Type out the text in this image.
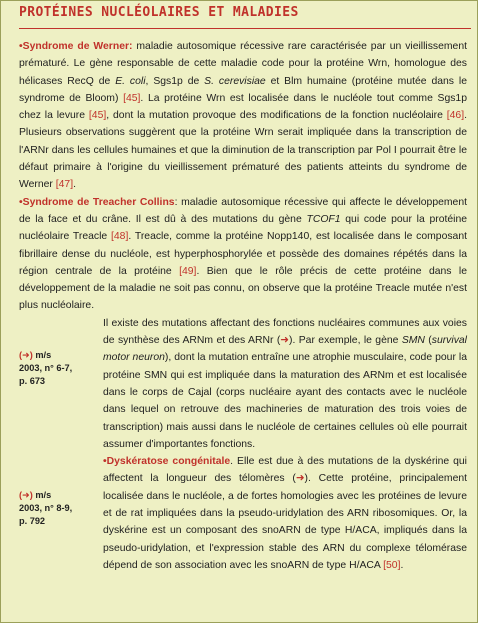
PROTÉINES NUCLÉOLAIRES ET MALADIES

•Syndrome de Werner: maladie autosomique récessive rare caractérisée par un vieillissement prématuré. Le gène responsable de cette maladie code pour la protéine Wrn, homologue des hélicases RecQ de E. coli, Sgs1p de S. cerevisiae et Blm humaine (protéine mutée dans le syndrome de Bloom) [45]. La protéine Wrn est localisée dans le nucléole tout comme Sgs1p chez la levure [45], dont la mutation provoque des modifications de la fonction nucléolaire [46]. Plusieurs observations suggèrent que la protéine Wrn serait impliquée dans la transcription de l'ARNr dans les cellules humaines et que la diminution de la transcription par Pol I pourrait être le défaut primaire à l'origine du vieillissement prématuré des patients atteints du syndrome de Werner [47].

•Syndrome de Treacher Collins: maladie autosomique récessive qui affecte le développement de la face et du crâne. Il est dû à des mutations du gène TCOF1 qui code pour la protéine nucléolaire Treacle [48]. Treacle, comme la protéine Nopp140, est localisée dans le composant fibrillaire dense du nucléole, est hyperphosphorylée et possède des domaines répétés dans la région centrale de la protéine [49]. Bien que le rôle précis de cette protéine dans le développement de la maladie ne soit pas connu, on observe que la protéine Treacle mutée n'est plus nucléolaire.

(➜) m/s
2003, n° 6-7,
p. 673

Il existe des mutations affectant des fonctions nucléaires communes aux voies de synthèse des ARNm et des ARNr (➜). Par exemple, le gène SMN (survival motor neuron), dont la mutation entraîne une atrophie musculaire, code pour la protéine SMN qui est impliquée dans la maturation des ARNm et est localisée dans le corps de Cajal (corps nucléaire ayant des contacts avec le nucléole dans lequel on retrouve des machineries de maturation des trois voies de transcription) mais aussi dans le nucléole de certaines cellules où elle pourrait assumer d'importantes fonctions.

(➜) m/s
2003, n° 8-9,
p. 792

•Dyskératose congénitale. Elle est due à des mutations de la dyskérine qui affectent la longueur des télomères (➜). Cette protéine, principalement localisée dans le nucléole, a de fortes homologies avec les protéines de levure et de rat impliquées dans la pseudo-uridylation des ARN ribosomiques. Or, la dyskérine est un composant des snoARN de type H/ACA, impliqués dans la pseudo-uridylation, et l'expression stable des ARN du complexe télomérase dépend de son association avec les snoARN de type H/ACA [50].
